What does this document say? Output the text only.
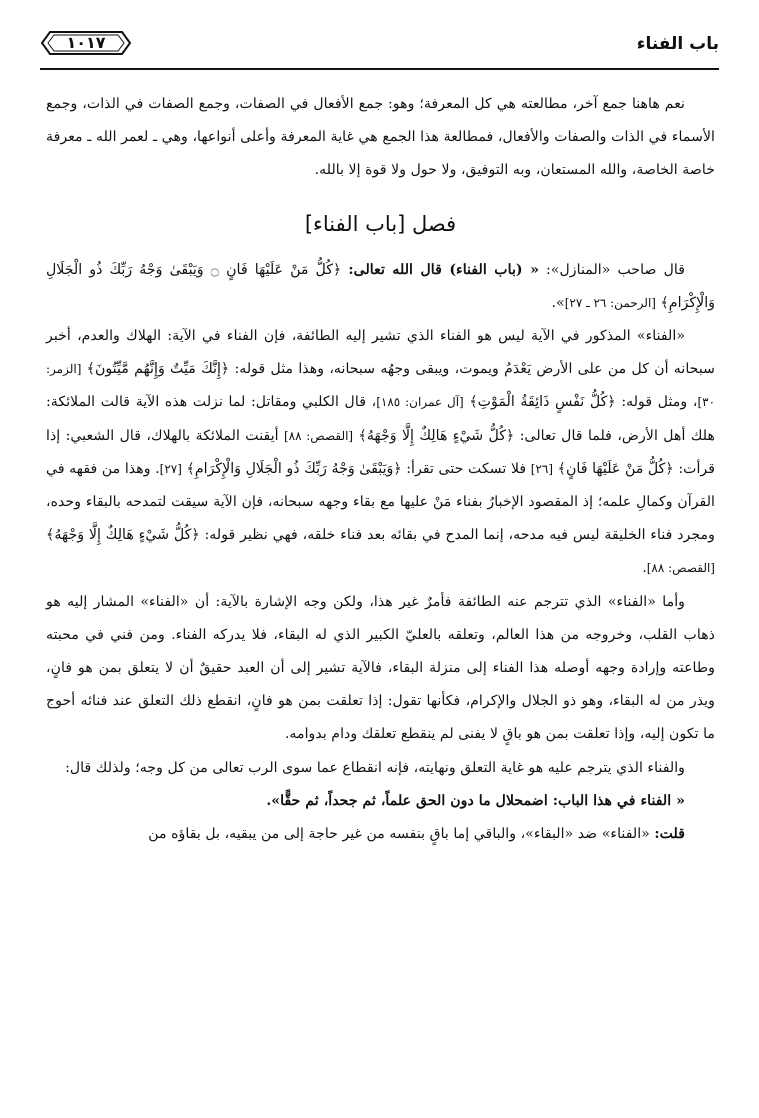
باب الفناء
١٠١٧

نعم هاهنا جمع آخر، مطالعته هي كل المعرفة؛ وهو: جمع الأفعال في الصفات، وجمع الصفات في الذات، وجمع الأسماء في الذات والصفات والأفعال، فمطالعة هذا الجمع هي غاية المعرفة وأعلى أنواعها، وهي ـ لعمر الله ـ معرفة خاصة الخاصة، والله المستعان، وبه التوفيق، ولا حول ولا قوة إلا بالله.

فصل [باب الفناء]

قال صاحب «المنازل»: « (باب الفناء) قال الله تعالى: ﴿كُلُّ مَنْ عَلَيْهَا فَانٍ ۝ وَيَبْقَىٰ وَجْهُ رَبِّكَ ذُو الْجَلَالِ وَالْإِكْرَامِ﴾ [الرحمن: ٢٦ ـ ٢٧]».

«الفناء» المذكور في الآية ليس هو الفناء الذي تشير إليه الطائفة، فإن الفناء في الآية: الهلاك والعدم، أخبر سبحانه أن كل من على الأرض يَعْدَمُ ويموت، ويبقى وجهُه سبحانه، وهذا مثل قوله: ﴿إِنَّكَ مَيِّتٌ وَإِنَّهُم مَّيِّتُونَ﴾ [الزمر: ٣٠]، ومثل قوله: ﴿كُلُّ نَفْسٍ ذَائِقَةُ الْمَوْتِ﴾ [آل عمران: ١٨٥]، قال الكلبي ومقاتل: لما نزلت هذه الآية قالت الملائكة: هلك أهل الأرض، فلما قال تعالى: ﴿كُلُّ شَيْءٍ هَالِكٌ إِلَّا وَجْهَهُ﴾ [القصص: ٨٨] أيقنت الملائكة بالهلاك، قال الشعبي: إذا قرأت: ﴿كُلُّ مَنْ عَلَيْهَا فَانٍ﴾ [٢٦] فلا تسكت حتى تقرأ: ﴿وَيَبْقَىٰ وَجْهُ رَبِّكَ ذُو الْجَلَالِ وَالْإِكْرَامِ﴾ [٢٧]. وهذا من فقهه في القرآن وكمالِ علمه؛ إذ المقصود الإخبارُ بفناء مَنْ عليها مع بقاء وجهه سبحانه، فإن الآية سيقت لتمدحه بالبقاء وحده، ومجرد فناء الخليقة ليس فيه مدحه، إنما المدح في بقائه بعد فناء خلقه، فهي نظير قوله: ﴿كُلُّ شَيْءٍ هَالِكٌ إِلَّا وَجْهَهُ﴾ [القصص: ٨٨].

وأما «الفناء» الذي تترجم عنه الطائفة فأمرٌ غير هذا، ولكن وجه الإشارة بالآية: أن «الفناء» المشار إليه هو ذهاب القلب، وخروجه من هذا العالم، وتعلقه بالعليّ الكبير الذي له البقاء، فلا يدركه الفناء. ومن فني في محبته وطاعته وإرادة وجهه أوصله هذا الفناء إلى منزلة البقاء، فالآية تشير إلى أن العبد حقيقٌ أن لا يتعلق بمن هو فانٍ، ويذر من له البقاء، وهو ذو الجلال والإكرام، فكأنها تقول: إذا تعلقت بمن هو فانٍ، انقطع ذلك التعلق عند فنائه أحوج ما تكون إليه، وإذا تعلقت بمن هو باقٍ لا يفنى لم ينقطع تعلقك ودام بدوامه.

والفناء الذي يترجم عليه هو غاية التعلق ونهايته، فإنه انقطاع عما سوى الرب تعالى من كل وجه؛ ولذلك قال:

« الفناء في هذا الباب: اضمحلال ما دون الحق علماً، ثم جحداً، ثم حقًّا».

قلت: «الفناء» ضد «البقاء»، والباقي إما باقٍ بنفسه من غير حاجة إلى من يبقيه، بل بقاؤه من
